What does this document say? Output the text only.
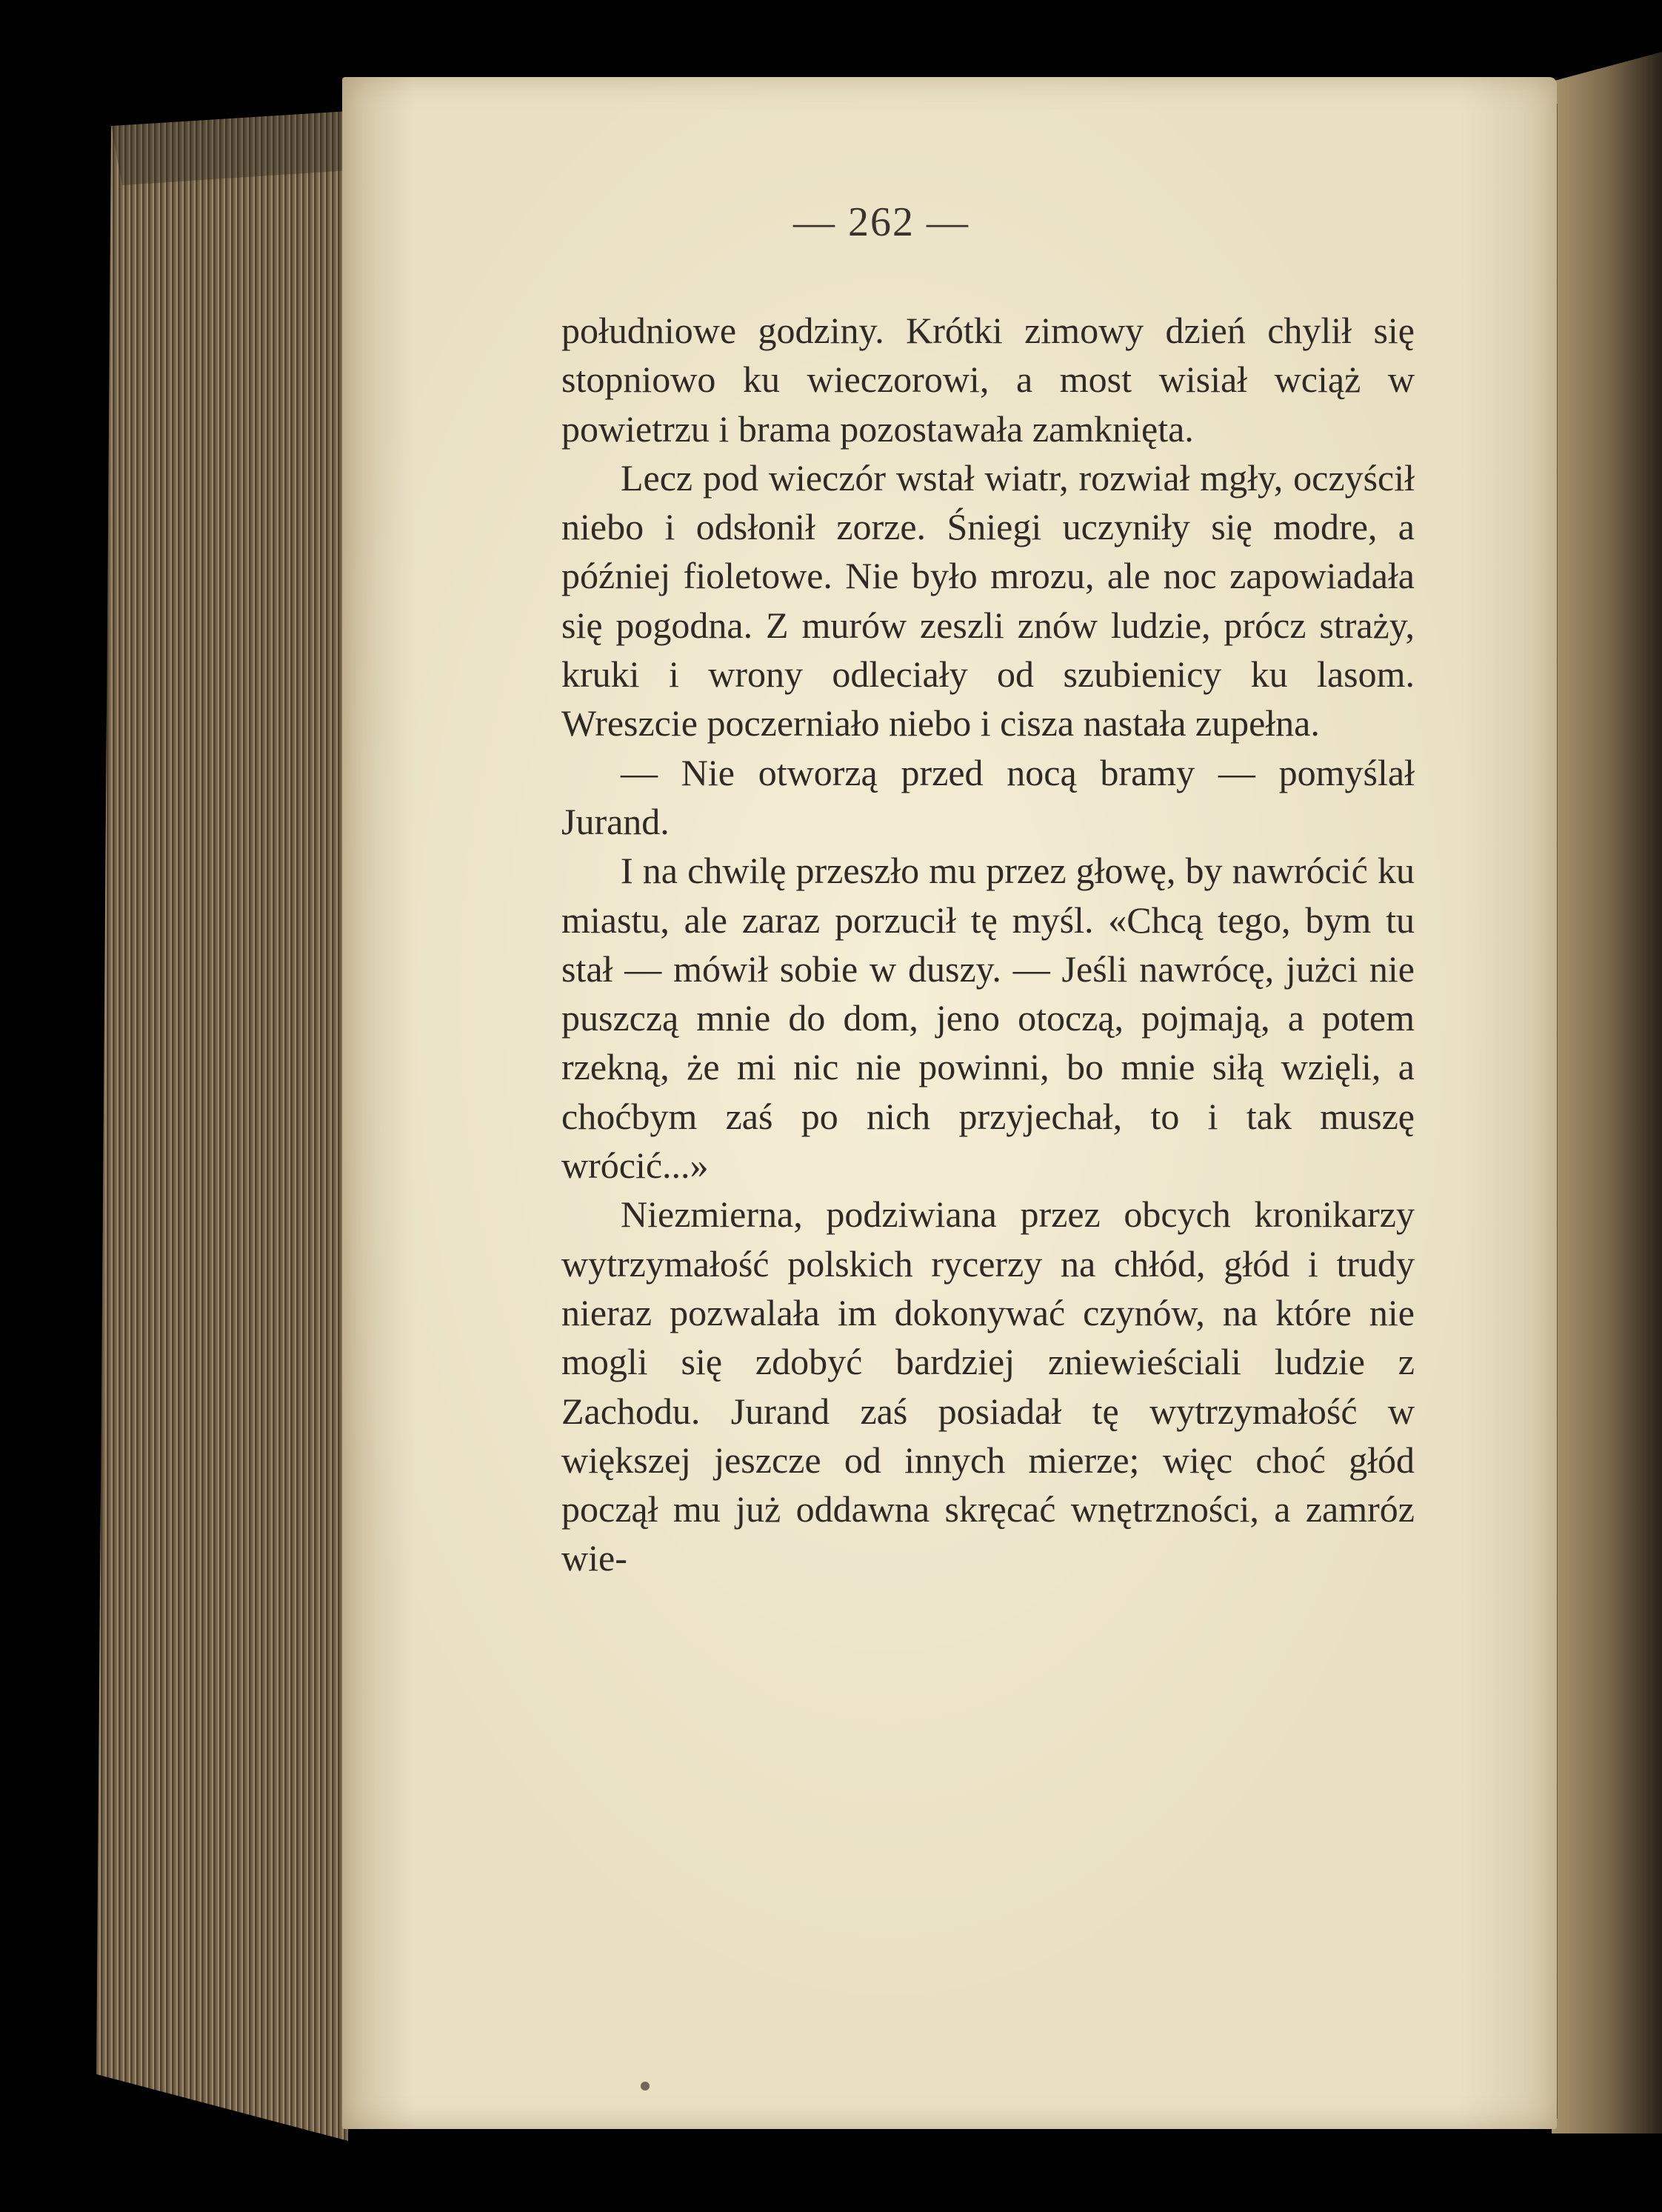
— 262 —

południowe godziny. Krótki zimowy dzień chylił się stopniowo ku wieczorowi, a most wisiał wciąż w powietrzu i brama pozostawała zamknięta.

Lecz pod wieczór wstał wiatr, rozwiał mgły, oczyścił niebo i odsłonił zorze. Śniegi uczyniły się modre, a później fioletowe. Nie było mrozu, ale noc zapowiadała się pogodna. Z murów zeszli znów ludzie, prócz straży, kruki i wrony odleciały od szubienicy ku lasom. Wreszcie poczerniało niebo i cisza nastała zupełna.

— Nie otworzą przed nocą bramy — pomyślał Jurand.

I na chwilę przeszło mu przez głowę, by nawrócić ku miastu, ale zaraz porzucił tę myśl. «Chcą tego, bym tu stał — mówił sobie w duszy. — Jeśli nawrócę, jużci nie puszczą mnie do dom, jeno otoczą, pojmają, a potem rzekną, że mi nic nie powinni, bo mnie siłą wzięli, a choćbym zaś po nich przyjechał, to i tak muszę wrócić...»

Niezmierna, podziwiana przez obcych kronikarzy wytrzymałość polskich rycerzy na chłód, głód i trudy nieraz pozwalała im dokonywać czynów, na które nie mogli się zdobyć bardziej zniewieściali ludzie z Zachodu. Jurand zaś posiadał tę wytrzymałość w większej jeszcze od innych mierze; więc choć głód począł mu już oddawna skręcać wnętrzności, a zamróz wie-
